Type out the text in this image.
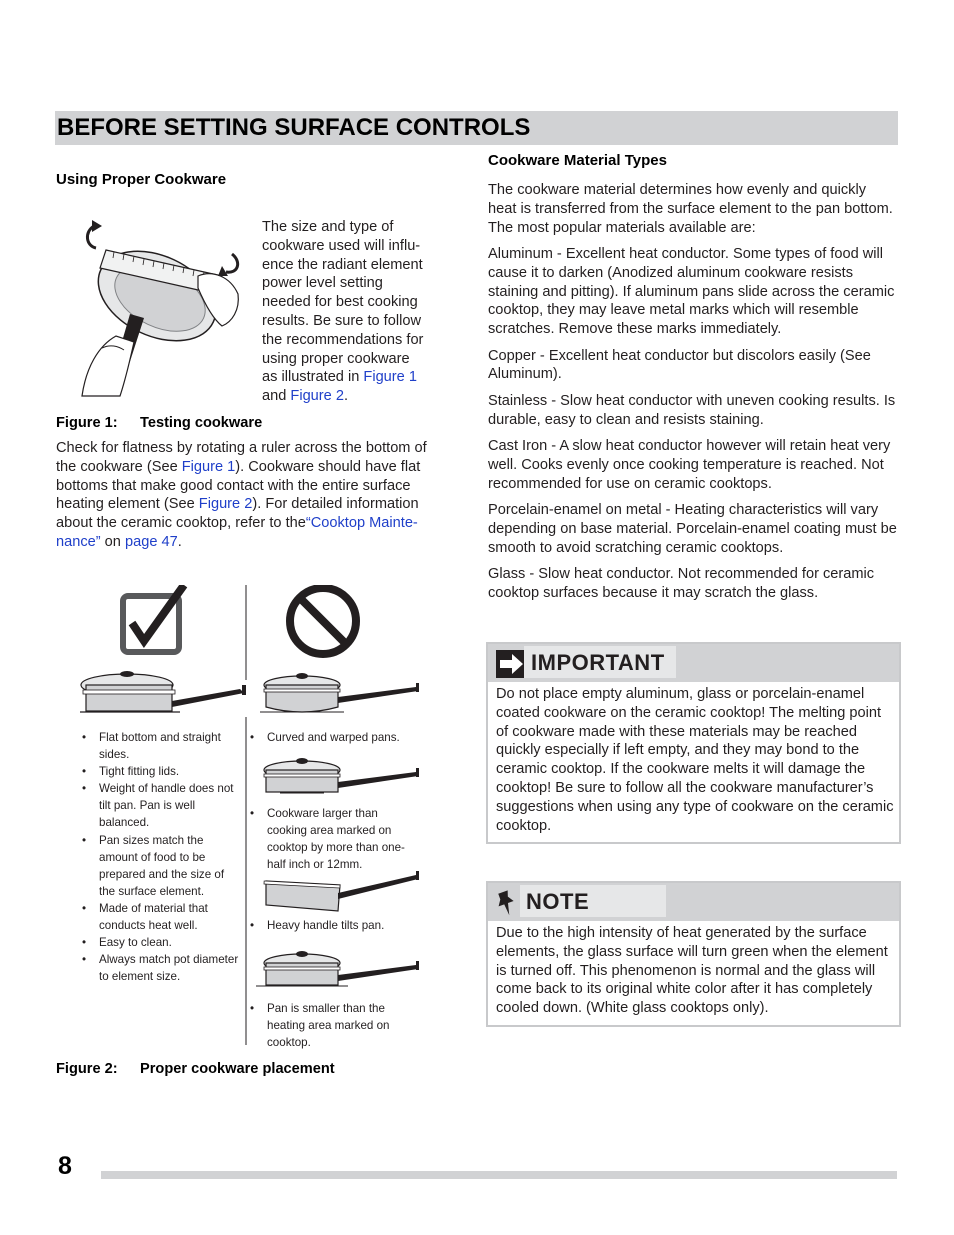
BEFORE SETTING SURFACE CONTROLS
Using Proper Cookware
The size and type of
cookware used will influ-
ence the radiant element
power level setting
needed for best cooking
results. Be sure to follow
the recommendations for
using proper cookware
as illustrated in Figure 1
and Figure 2.
Figure 1: Testing cookware
Check for flatness by rotating a ruler across the bottom of
the cookware (See Figure 1). Cookware should have flat
bottoms that make good contact with the entire surface
heating element (See Figure 2). For detailed information
about the ceramic cooktop, refer to the“Cooktop Mainte-
nance” on page 47.
• Flat bottom and straight sides.
• Tight fitting lids.
• Weight of handle does not tilt pan. Pan is well balanced.
• Pan sizes match the amount of food to be prepared and the size of the surface element.
• Made of material that conducts heat well.
• Easy to clean.
• Always match pot diameter to element size.
• Curved and warped pans.
• Cookware larger than cooking area marked on cooktop by more than one-half inch or 12mm.
• Heavy handle tilts pan.
• Pan is smaller than the heating area marked on cooktop.
Figure 2: Proper cookware placement
Cookware Material Types

The cookware material determines how evenly and quickly heat is transferred from the surface element to the pan bottom. The most popular materials available are:

Aluminum - Excellent heat conductor. Some types of food will cause it to darken (Anodized aluminum cookware resists staining and pitting). If aluminum pans slide across the ceramic cooktop, they may leave metal marks which will resemble scratches. Remove these marks immediately.

Copper - Excellent heat conductor but discolors easily (See Aluminum).

Stainless - Slow heat conductor with uneven cooking results. Is durable, easy to clean and resists staining.

Cast Iron - A slow heat conductor however will retain heat very well. Cooks evenly once cooking temperature is reached. Not recommended for use on ceramic cooktops.

Porcelain-enamel on metal - Heating characteristics will vary depending on base material. Porcelain-enamel coating must be smooth to avoid scratching ceramic cooktops.

Glass - Slow heat conductor. Not recommended for ceramic cooktop surfaces because it may scratch the glass.

IMPORTANT
Do not place empty aluminum, glass or porcelain-enamel coated cookware on the ceramic cooktop! The melting point of cookware made with these materials may be reached quickly especially if left empty, and they may bond to the ceramic cooktop. If the cookware melts it will damage the cooktop! Be sure to follow all the cookware manufacturer’s suggestions when using any type of cookware on the ceramic cooktop.
NOTE
Due to the high intensity of heat generated by the surface elements, the glass surface will turn green when the element is turned off. This phenomenon is normal and the glass will come back to its original white color after it has completely cooled down. (White glass cooktops only).
8
